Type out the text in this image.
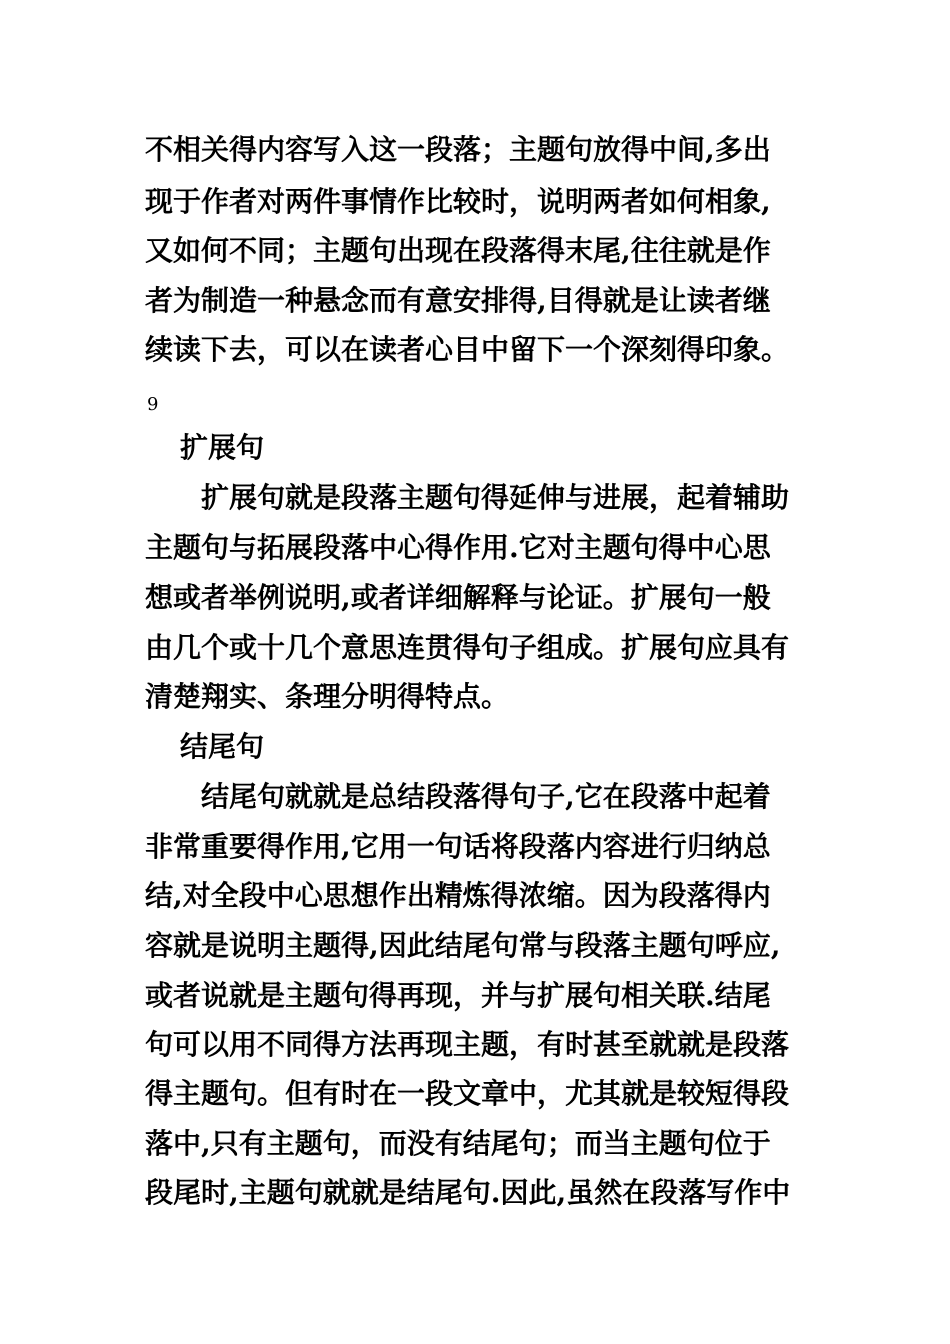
不相关得内容写入这一段落；主题句放得中间,多出
现于作者对两件事情作比较时，说明两者如何相象,
又如何不同；主题句出现在段落得末尾,往往就是作
者为制造一种悬念而有意安排得,目得就是让读者继
续读下去，可以在读者心目中留下一个深刻得印象。
9
扩展句
扩展句就是段落主题句得延伸与进展，起着辅助
主题句与拓展段落中心得作用.它对主题句得中心思
想或者举例说明,或者详细解释与论证。扩展句一般
由几个或十几个意思连贯得句子组成。扩展句应具有
清楚翔实、条理分明得特点。
结尾句
结尾句就就是总结段落得句子,它在段落中起着
非常重要得作用,它用一句话将段落内容进行归纳总
结,对全段中心思想作出精炼得浓缩。因为段落得内
容就是说明主题得,因此结尾句常与段落主题句呼应,
或者说就是主题句得再现，并与扩展句相关联.结尾
句可以用不同得方法再现主题，有时甚至就就是段落
得主题句。但有时在一段文章中，尤其就是较短得段
落中,只有主题句，而没有结尾句；而当主题句位于
段尾时,主题句就就是结尾句.因此,虽然在段落写作中
